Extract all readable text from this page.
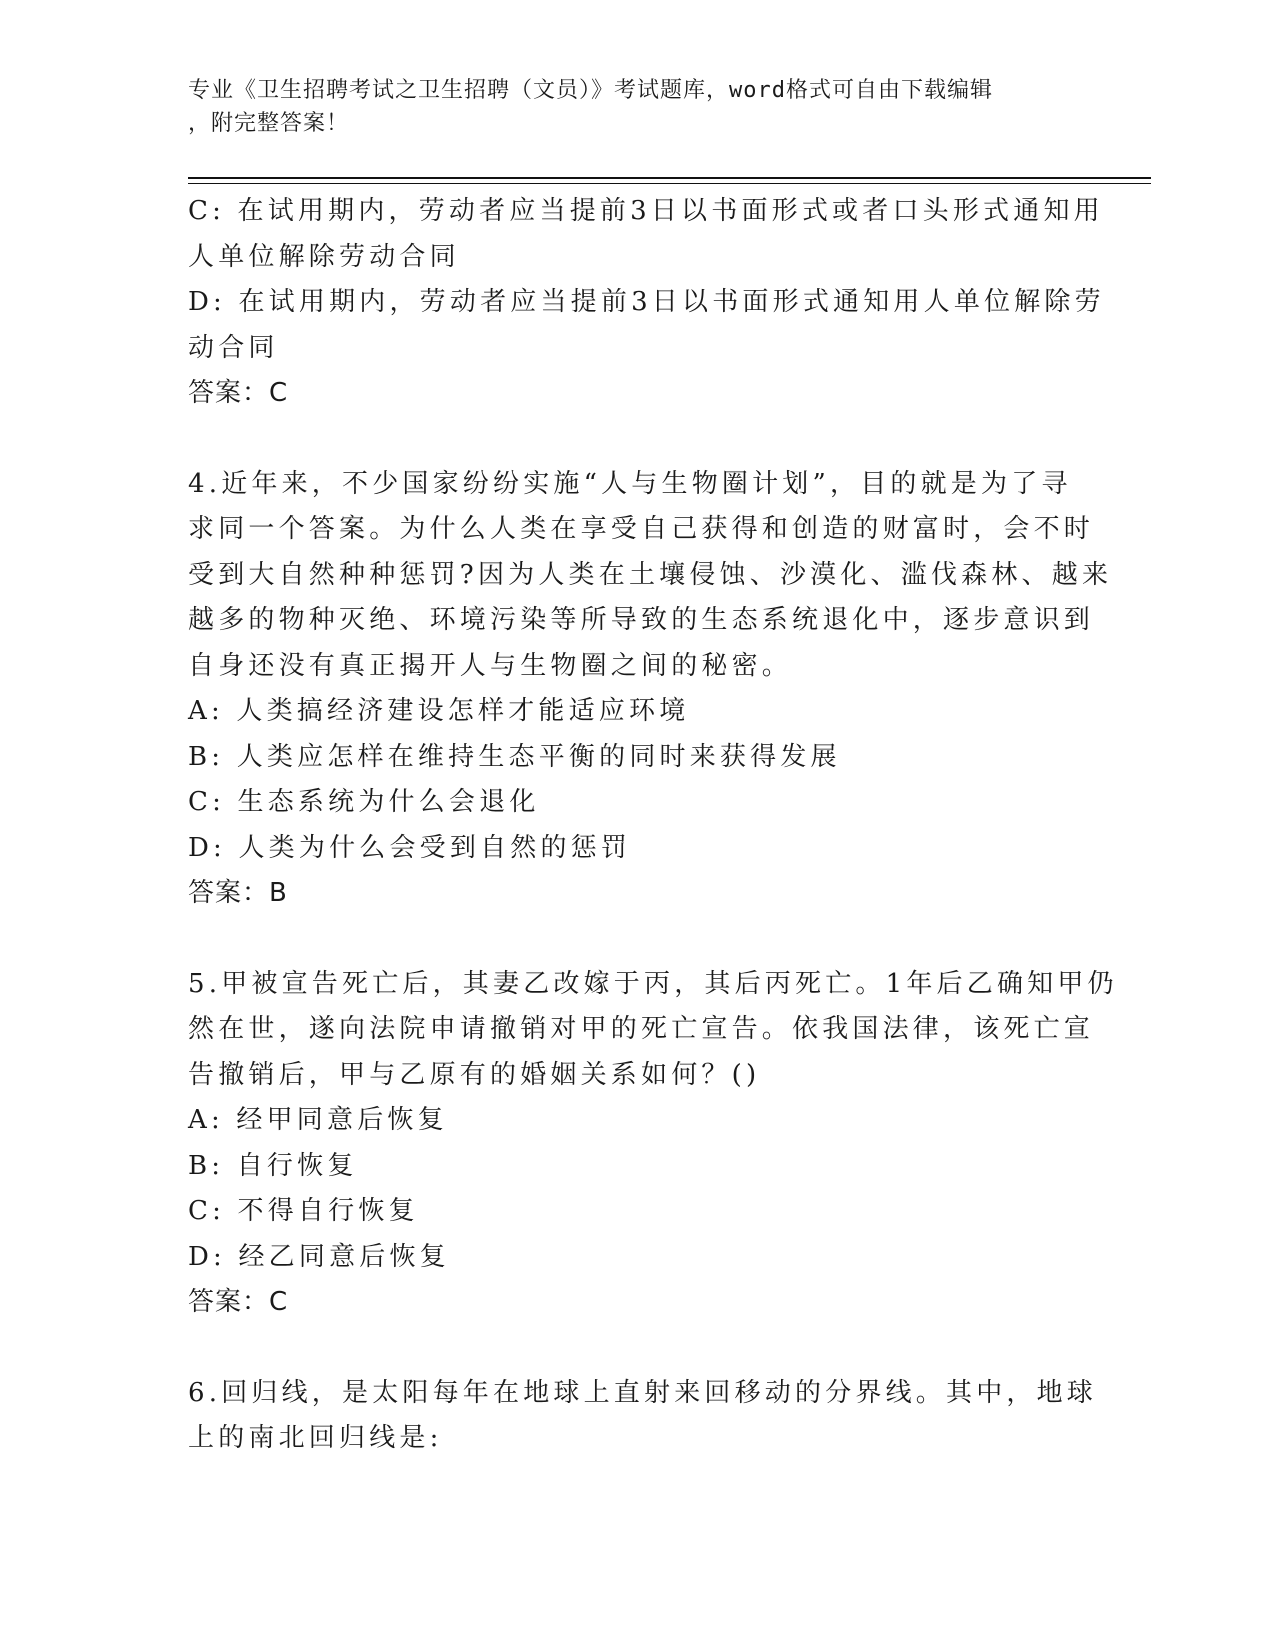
专业《卫生招聘考试之卫生招聘（文员）》考试题库，word格式可自由下载编辑
，附完整答案！
C: 在试用期内，劳动者应当提前3日以书面形式或者口头形式通知用
人单位解除劳动合同
D: 在试用期内，劳动者应当提前3日以书面形式通知用人单位解除劳
动合同
答案：C
4.近年来，不少国家纷纷实施“人与生物圈计划”，目的就是为了寻
求同一个答案。为什么人类在享受自己获得和创造的财富时，会不时
受到大自然种种惩罚?因为人类在土壤侵蚀、沙漠化、滥伐森林、越来
越多的物种灭绝、环境污染等所导致的生态系统退化中，逐步意识到
自身还没有真正揭开人与生物圈之间的秘密。
A: 人类搞经济建设怎样才能适应环境
B: 人类应怎样在维持生态平衡的同时来获得发展
C: 生态系统为什么会退化
D: 人类为什么会受到自然的惩罚
答案：B
5.甲被宣告死亡后，其妻乙改嫁于丙，其后丙死亡。1年后乙确知甲仍
然在世，遂向法院申请撤销对甲的死亡宣告。依我国法律，该死亡宣
告撤销后，甲与乙原有的婚姻关系如何？()
A: 经甲同意后恢复
B: 自行恢复
C: 不得自行恢复
D: 经乙同意后恢复
答案：C
6.回归线，是太阳每年在地球上直射来回移动的分界线。其中，地球
上的南北回归线是:
